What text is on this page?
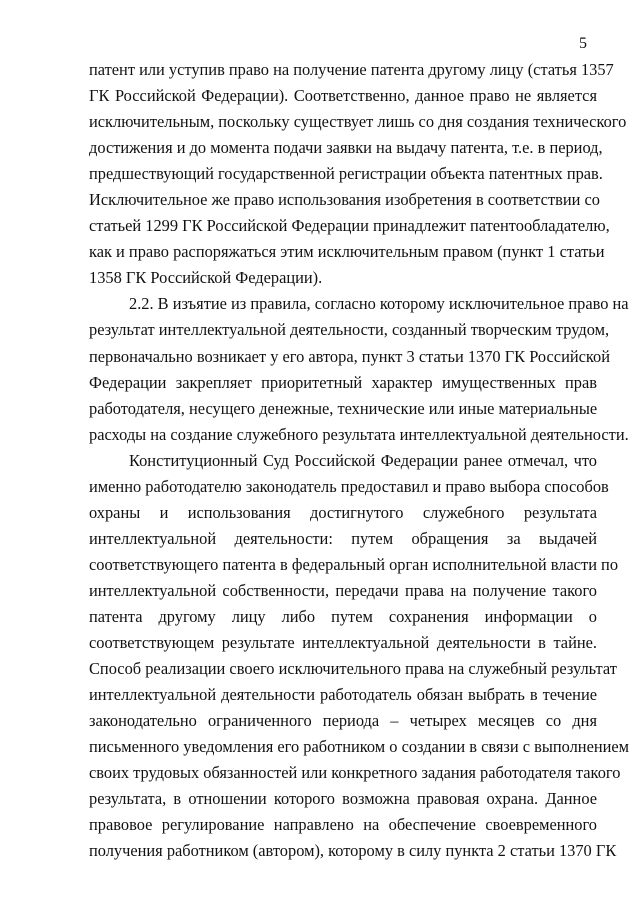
5
патент или уступив право на получение патента другому лицу (статья 1357
ГК Российской Федерации). Соответственно, данное право не является
исключительным, поскольку существует лишь со дня создания технического
достижения и до момента подачи заявки на выдачу патента, т.е. в период,
предшествующий государственной регистрации объекта патентных прав.
Исключительное же право использования изобретения в соответствии со
статьей 1299 ГК Российской Федерации принадлежит патентообладателю,
как и право распоряжаться этим исключительным правом (пункт 1 статьи
1358 ГК Российской Федерации).
2.2. В изъятие из правила, согласно которому исключительное право на
результат интеллектуальной деятельности, созданный творческим трудом,
первоначально возникает у его автора, пункт 3 статьи 1370 ГК Российской
Федерации закрепляет приоритетный характер имущественных прав
работодателя, несущего денежные, технические или иные материальные
расходы на создание служебного результата интеллектуальной деятельности.
Конституционный Суд Российской Федерации ранее отмечал, что
именно работодателю законодатель предоставил и право выбора способов
охраны и использования достигнутого служебного результата
интеллектуальной деятельности: путем обращения за выдачей
соответствующего патента в федеральный орган исполнительной власти по
интеллектуальной собственности, передачи права на получение такого
патента другому лицу либо путем сохранения информации о
соответствующем результате интеллектуальной деятельности в тайне.
Способ реализации своего исключительного права на служебный результат
интеллектуальной деятельности работодатель обязан выбрать в течение
законодательно ограниченного периода – четырех месяцев со дня
письменного уведомления его работником о создании в связи с выполнением
своих трудовых обязанностей или конкретного задания работодателя такого
результата, в отношении которого возможна правовая охрана. Данное
правовое регулирование направлено на обеспечение своевременного
получения работником (автором), которому в силу пункта 2 статьи 1370 ГК
